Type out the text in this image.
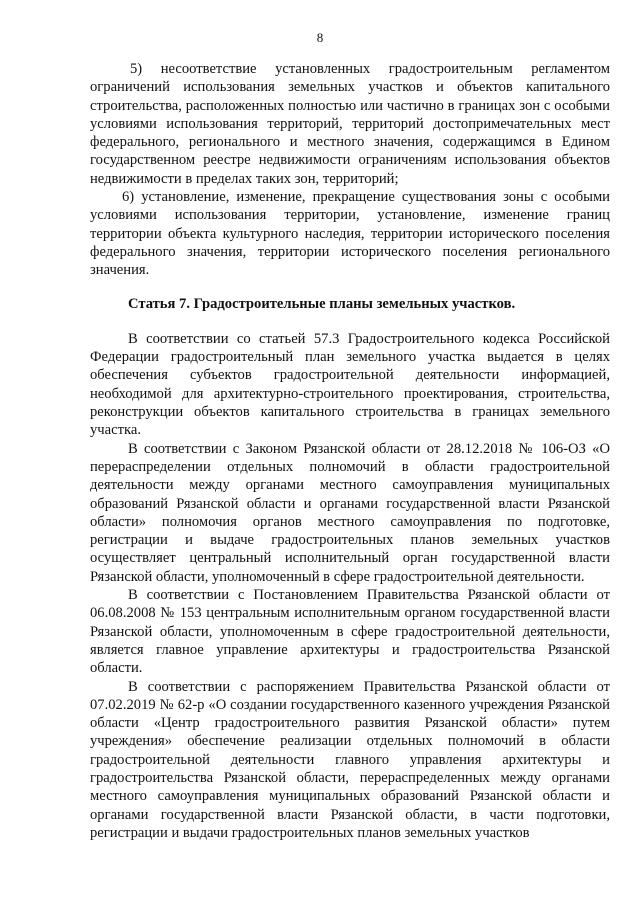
8

5) несоответствие установленных градостроительным регламентом ограничений использования земельных участков и объектов капитального строительства, расположенных полностью или частично в границах зон с особыми условиями использования территорий, территорий достопримечательных мест федерального, регионального и местного значения, содержащимся в Едином государственном реестре недвижимости ограничениям использования объектов недвижимости в пределах таких зон, территорий;

6) установление, изменение, прекращение существования зоны с особыми условиями использования территории, установление, изменение границ территории объекта культурного наследия, территории исторического поселения федерального значения, территории исторического поселения регионального значения.

Статья 7. Градостроительные планы земельных участков.

В соответствии со статьей 57.3 Градостроительного кодекса Российской Федерации градостроительный план земельного участка выдается в целях обеспечения субъектов градостроительной деятельности информацией, необходимой для архитектурно-строительного проектирования, строительства, реконструкции объектов капитального строительства в границах земельного участка.

В соответствии с Законом Рязанской области от 28.12.2018 № 106-ОЗ «О перераспределении отдельных полномочий в области градостроительной деятельности между органами местного самоуправления муниципальных образований Рязанской области и органами государственной власти Рязанской области» полномочия органов местного самоуправления по подготовке, регистрации и выдаче градостроительных планов земельных участков осуществляет центральный исполнительный орган государственной власти Рязанской области, уполномоченный в сфере градостроительной деятельности.

В соответствии с Постановлением Правительства Рязанской области от 06.08.2008 № 153 центральным исполнительным органом государственной власти Рязанской области, уполномоченным в сфере градостроительной деятельности, является главное управление архитектуры и градостроительства Рязанской области.

В соответствии с распоряжением Правительства Рязанской области от 07.02.2019 № 62-р «О создании государственного казенного учреждения Рязанской области «Центр градостроительного развития Рязанской области» путем учреждения» обеспечение реализации отдельных полномочий в области градостроительной деятельности главного управления архитектуры и градостроительства Рязанской области, перераспределенных между органами местного самоуправления муниципальных образований Рязанской области и органами государственной власти Рязанской области, в части подготовки, регистрации и выдачи градостроительных планов земельных участков
